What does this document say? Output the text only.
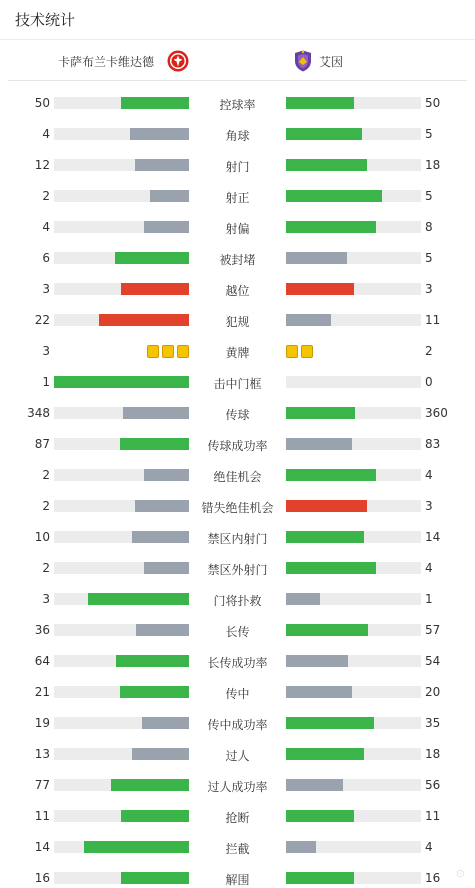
技术统计
卡萨布兰卡维达德	艾因
50	控球率	50
4	角球	5
12	射门	18
2	射正	5
4	射偏	8
6	被封堵	5
3	越位	3
22	犯规	11
3	黄牌	2
1	击中门框	0
348	传球	360
87	传球成功率	83
2	绝佳机会	4
2	错失绝佳机会	3
10	禁区内射门	14
2	禁区外射门	4
3	门将扑救	1
36	长传	57
64	长传成功率	54
21	传中	20
19	传中成功率	35
13	过人	18
77	过人成功率	56
11	抢断	11
14	拦截	4
16	解围	16 ⊙
